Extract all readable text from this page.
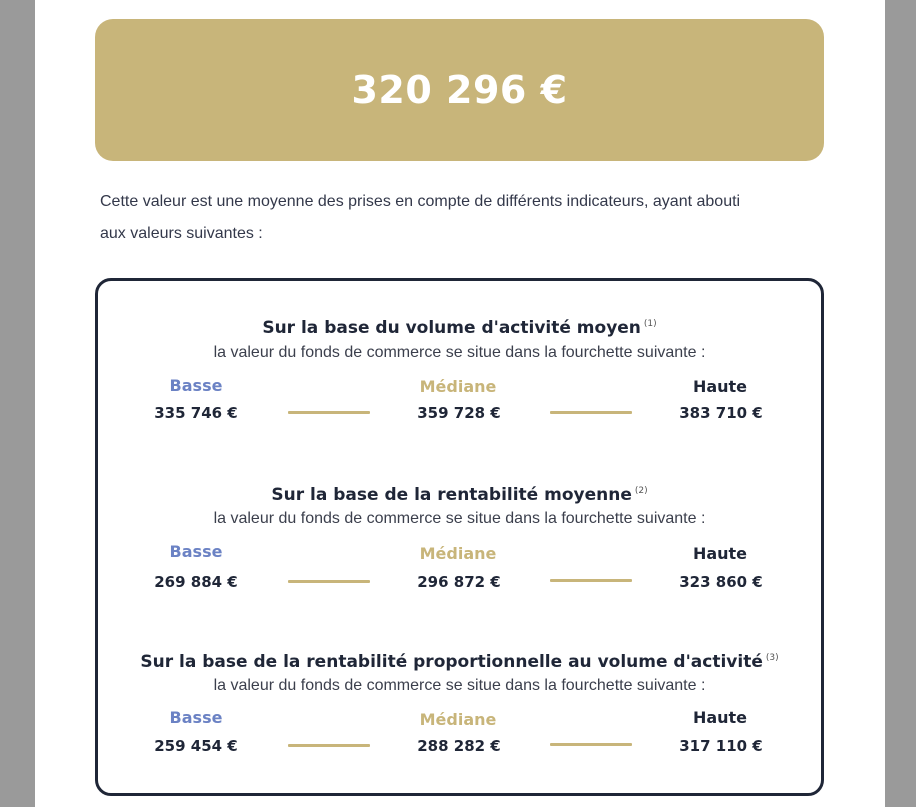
320 296 €
Cette valeur est une moyenne des prises en compte de différents indicateurs, ayant abouti
aux valeurs suivantes :
Sur la base du volume d'activité moyen $^{(1)}$
la valeur du fonds de commerce se situe dans la fourchette suivante :
Basse	Médiane	Haute
335 746 €	359 728 €	383 710 €
Sur la base de la rentabilité moyenne $^{(2)}$
la valeur du fonds de commerce se situe dans la fourchette suivante :
Basse	Médiane	Haute
269 884 €	296 872 €	323 860 €
Sur la base de la rentabilité proportionnelle au volume d'activité $^{(3)}$
la valeur du fonds de commerce se situe dans la fourchette suivante :
Basse	Médiane	Haute
259 454 €	288 282 €	317 110 €
